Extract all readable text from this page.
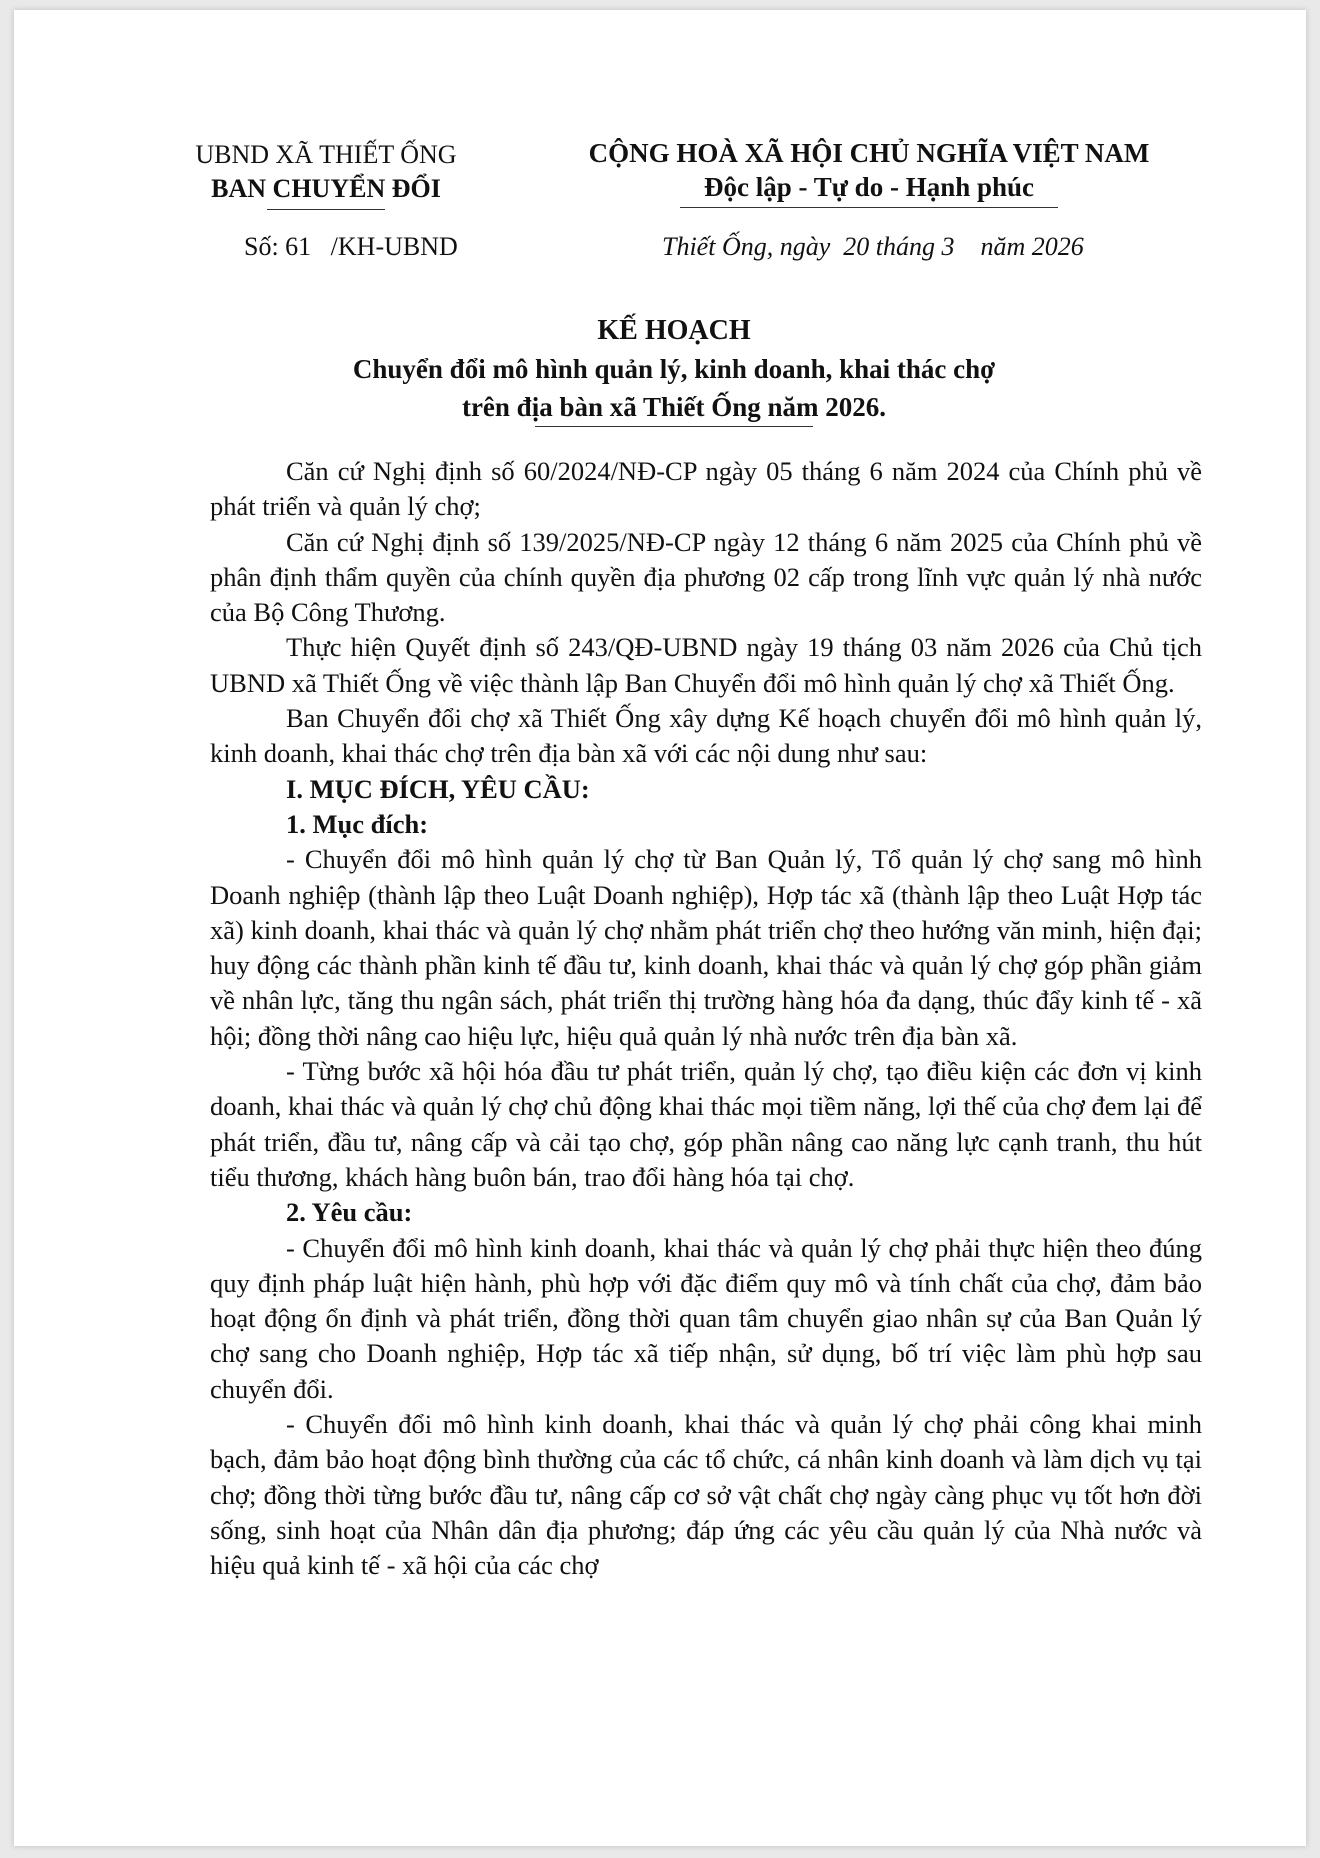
UBND XÃ THIẾT ỐNG
BAN CHUYỂN ĐỔI
CỘNG HOÀ XÃ HỘI CHỦ NGHĨA VIỆT NAM
Độc lập - Tự do - Hạnh phúc
Số: 61   /KH-UBND	Thiết Ống, ngày  20 tháng 3    năm 2026
KẾ HOẠCH
Chuyển đổi mô hình quản lý, kinh doanh, khai thác chợ
trên địa bàn xã Thiết Ống năm 2026.

Căn cứ Nghị định số 60/2024/NĐ-CP ngày 05 tháng 6 năm 2024 của Chính phủ về phát triển và quản lý chợ;

Căn cứ Nghị định số 139/2025/NĐ-CP ngày 12 tháng 6 năm 2025 của Chính phủ về phân định thẩm quyền của chính quyền địa phương 02 cấp trong lĩnh vực quản lý nhà nước của Bộ Công Thương.

Thực hiện Quyết định số 243/QĐ-UBND ngày 19 tháng 03 năm 2026 của Chủ tịch UBND xã Thiết Ống về việc thành lập Ban Chuyển đổi mô hình quản lý chợ xã Thiết Ống.

Ban Chuyển đổi chợ xã Thiết Ống xây dựng Kế hoạch chuyển đổi mô hình quản lý, kinh doanh, khai thác chợ trên địa bàn xã với các nội dung như sau:

I. MỤC ĐÍCH, YÊU CẦU:

1. Mục đích:

- Chuyển đổi mô hình quản lý chợ từ Ban Quản lý, Tổ quản lý chợ sang mô hình Doanh nghiệp (thành lập theo Luật Doanh nghiệp), Hợp tác xã (thành lập theo Luật Hợp tác xã) kinh doanh, khai thác và quản lý chợ nhằm phát triển chợ theo hướng văn minh, hiện đại; huy động các thành phần kinh tế đầu tư, kinh doanh, khai thác và quản lý chợ góp phần giảm về nhân lực, tăng thu ngân sách, phát triển thị trường hàng hóa đa dạng, thúc đẩy kinh tế - xã hội; đồng thời nâng cao hiệu lực, hiệu quả quản lý nhà nước trên địa bàn xã.

- Từng bước xã hội hóa đầu tư phát triển, quản lý chợ, tạo điều kiện các đơn vị kinh doanh, khai thác và quản lý chợ chủ động khai thác mọi tiềm năng, lợi thế của chợ đem lại để phát triển, đầu tư, nâng cấp và cải tạo chợ, góp phần nâng cao năng lực cạnh tranh, thu hút tiểu thương, khách hàng buôn bán, trao đổi hàng hóa tại chợ.

2. Yêu cầu:

- Chuyển đổi mô hình kinh doanh, khai thác và quản lý chợ phải thực hiện theo đúng quy định pháp luật hiện hành, phù hợp với đặc điểm quy mô và tính chất của chợ, đảm bảo hoạt động ổn định và phát triển, đồng thời quan tâm chuyển giao nhân sự của Ban Quản lý chợ sang cho Doanh nghiệp, Hợp tác xã tiếp nhận, sử dụng, bố trí việc làm phù hợp sau chuyển đổi.

- Chuyển đổi mô hình kinh doanh, khai thác và quản lý chợ phải công khai minh bạch, đảm bảo hoạt động bình thường của các tổ chức, cá nhân kinh doanh và làm dịch vụ tại chợ; đồng thời từng bước đầu tư, nâng cấp cơ sở vật chất chợ ngày càng phục vụ tốt hơn đời sống, sinh hoạt của Nhân dân địa phương; đáp ứng các yêu cầu quản lý của Nhà nước và hiệu quả kinh tế - xã hội của các chợ
